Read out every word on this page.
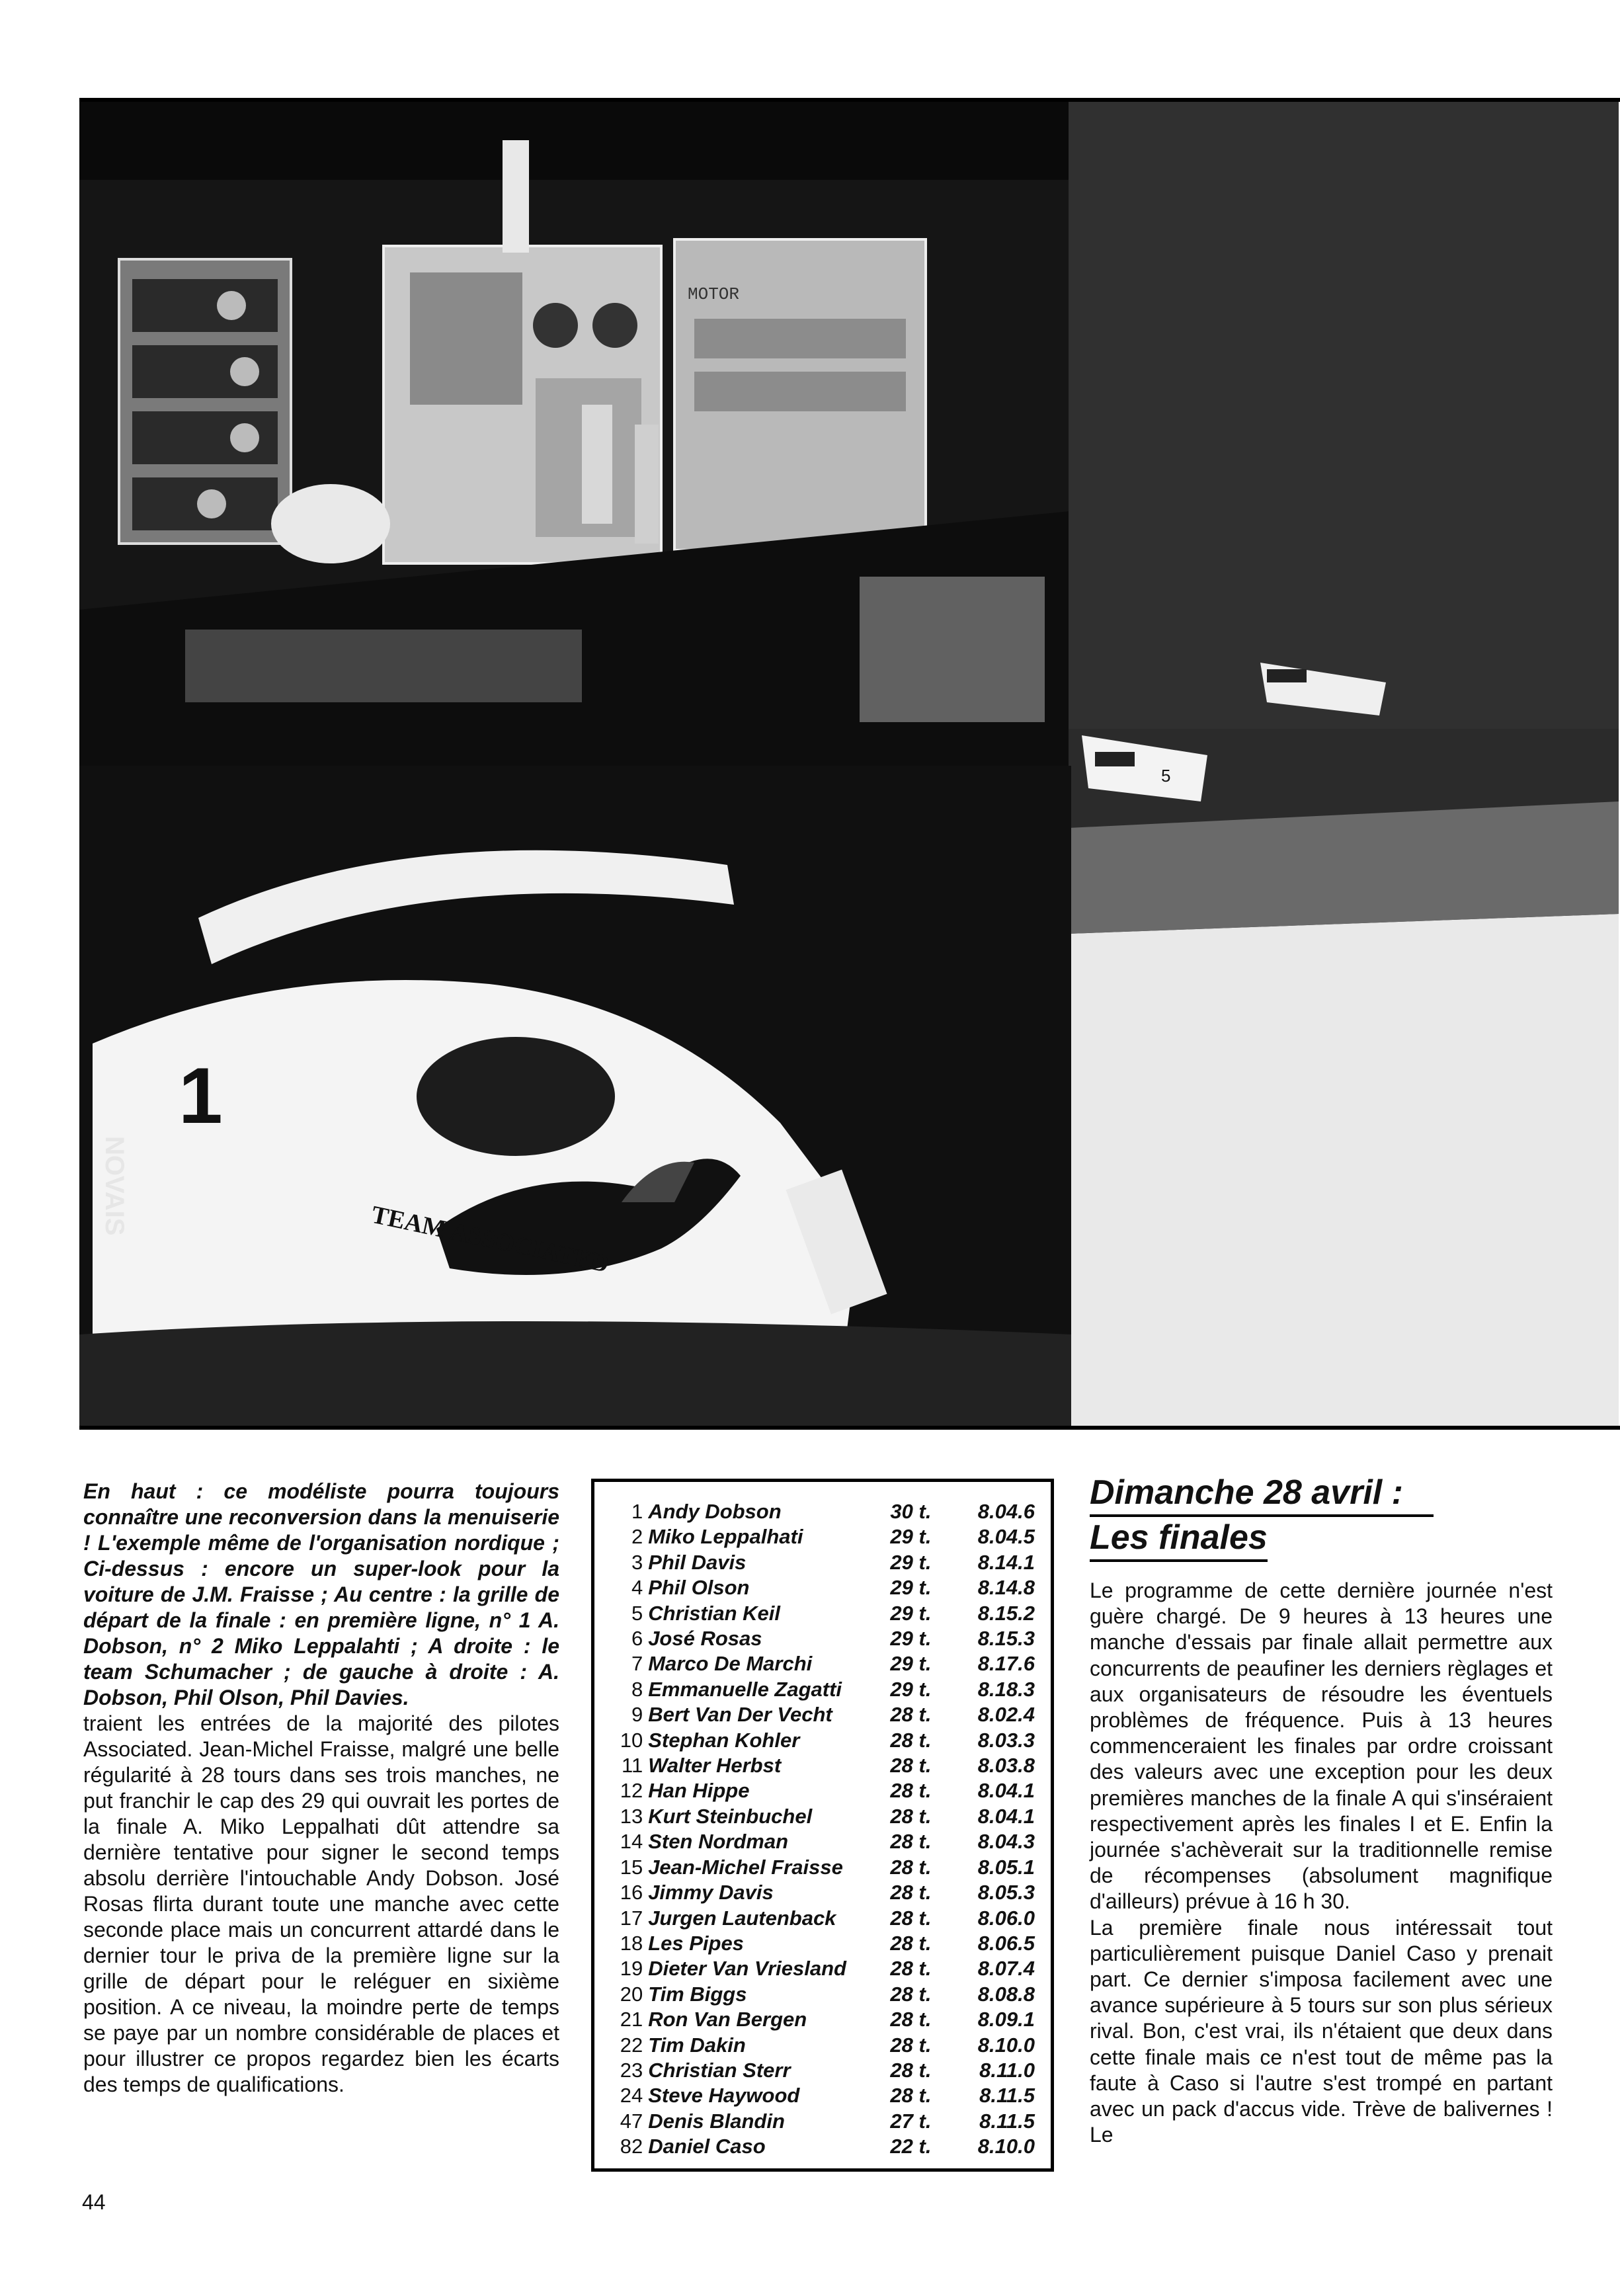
MOTOR
5
1
TEAM ASSOCIATED
NOVAIS
En haut : ce modéliste pourra toujours connaître une reconversion dans la menuiserie ! L'exemple même de l'organisation nordique ; Ci-dessus : encore un super-look pour la voiture de J.M. Fraisse ; Au centre : la grille de départ de la finale : en première ligne, n° 1 A. Dobson, n° 2 Miko Leppalahti ; A droite : le team Schumacher ; de gauche à droite : A. Dobson, Phil Olson, Phil Davies.
traient les entrées de la majorité des pilotes Associated. Jean-Michel Fraisse, malgré une belle régularité à 28 tours dans ses trois manches, ne put franchir le cap des 29 qui ouvrait les portes de la finale A. Miko Leppalhati dût attendre sa dernière tentative pour signer le second temps absolu derrière l'intouchable Andy Dobson. José Rosas flirta durant toute une manche avec cette seconde place mais un concurrent attardé dans le dernier tour le priva de la première ligne sur la grille de départ pour le reléguer en sixième position. A ce niveau, la moindre perte de temps se paye par un nombre considérable de places et pour illustrer ce propos regardez bien les écarts des temps de qualifications.
44
1 Andy Dobson	30 t.	8.04.6
2 Miko Leppalhati	29 t.	8.04.5
3 Phil Davis	29 t.	8.14.1
4 Phil Olson	29 t.	8.14.8
5 Christian Keil	29 t.	8.15.2
6 José Rosas	29 t.	8.15.3
7 Marco De Marchi	29 t.	8.17.6
8 Emmanuelle Zagatti	29 t.	8.18.3
9 Bert Van Der Vecht	28 t.	8.02.4
10 Stephan Kohler	28 t.	8.03.3
11 Walter Herbst	28 t.	8.03.8
12 Han Hippe	28 t.	8.04.1
13 Kurt Steinbuchel	28 t.	8.04.1
14 Sten Nordman	28 t.	8.04.3
15 Jean-Michel Fraisse	28 t.	8.05.1
16 Jimmy Davis	28 t.	8.05.3
17 Jurgen Lautenback	28 t.	8.06.0
18 Les Pipes	28 t.	8.06.5
19 Dieter Van Vriesland	28 t.	8.07.4
20 Tim Biggs	28 t.	8.08.8
21 Ron Van Bergen	28 t.	8.09.1
22 Tim Dakin	28 t.	8.10.0
23 Christian Sterr	28 t.	8.11.0
24 Steve Haywood	28 t.	8.11.5
47 Denis Blandin	27 t.	8.11.5
82 Daniel Caso	22 t.	8.10.0
Dimanche 28 avril :
Les finales

Le programme de cette dernière journée n'est guère chargé. De 9 heures à 13 heures une manche d'essais par finale allait permettre aux concurrents de peaufiner les derniers règlages et aux organisateurs de résoudre les éventuels problèmes de fréquence. Puis à 13 heures commenceraient les finales par ordre croissant des valeurs avec une exception pour les deux premières manches de la finale A qui s'inséraient respectivement après les finales I et E. Enfin la journée s'achèverait sur la traditionnelle remise de récompenses (absolument magnifique d'ailleurs) prévue à 16 h 30.

La première finale nous intéressait tout particulièrement puisque Daniel Caso y prenait part. Ce dernier s'imposa facilement avec une avance supérieure à 5 tours sur son plus sérieux rival. Bon, c'est vrai, ils n'étaient que deux dans cette finale mais ce n'est tout de même pas la faute à Caso si l'autre s'est trompé en partant avec un pack d'accus vide. Trève de balivernes ! Le
